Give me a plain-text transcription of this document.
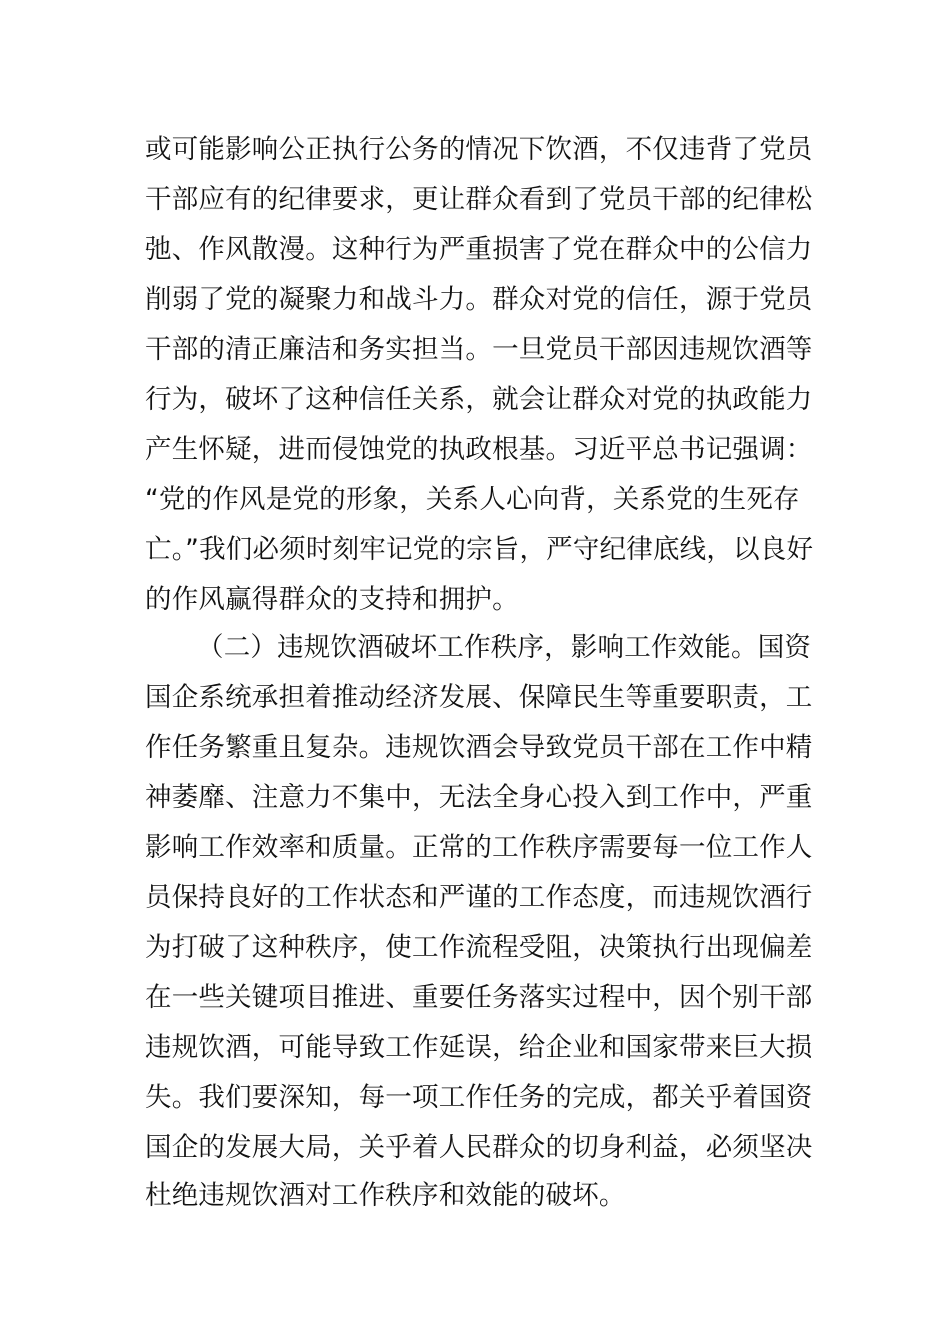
或可能影响公正执行公务的情况下饮酒，不仅违背了党员
干部应有的纪律要求，更让群众看到了党员干部的纪律松
弛、作风散漫。这种行为严重损害了党在群众中的公信力
削弱了党的凝聚力和战斗力。群众对党的信任，源于党员
干部的清正廉洁和务实担当。一旦党员干部因违规饮酒等
行为，破坏了这种信任关系，就会让群众对党的执政能力
产生怀疑，进而侵蚀党的执政根基。习近平总书记强调：
“党的作风是党的形象，关系人心向背，关系党的生死存
亡。”我们必须时刻牢记党的宗旨，严守纪律底线，以良好
的作风赢得群众的支持和拥护。
（二）违规饮酒破坏工作秩序，影响工作效能。国资
国企系统承担着推动经济发展、保障民生等重要职责，工
作任务繁重且复杂。违规饮酒会导致党员干部在工作中精
神萎靡、注意力不集中，无法全身心投入到工作中，严重
影响工作效率和质量。正常的工作秩序需要每一位工作人
员保持良好的工作状态和严谨的工作态度，而违规饮酒行
为打破了这种秩序，使工作流程受阻，决策执行出现偏差
在一些关键项目推进、重要任务落实过程中，因个别干部
违规饮酒，可能导致工作延误，给企业和国家带来巨大损
失。我们要深知，每一项工作任务的完成，都关乎着国资
国企的发展大局，关乎着人民群众的切身利益，必须坚决
杜绝违规饮酒对工作秩序和效能的破坏。
